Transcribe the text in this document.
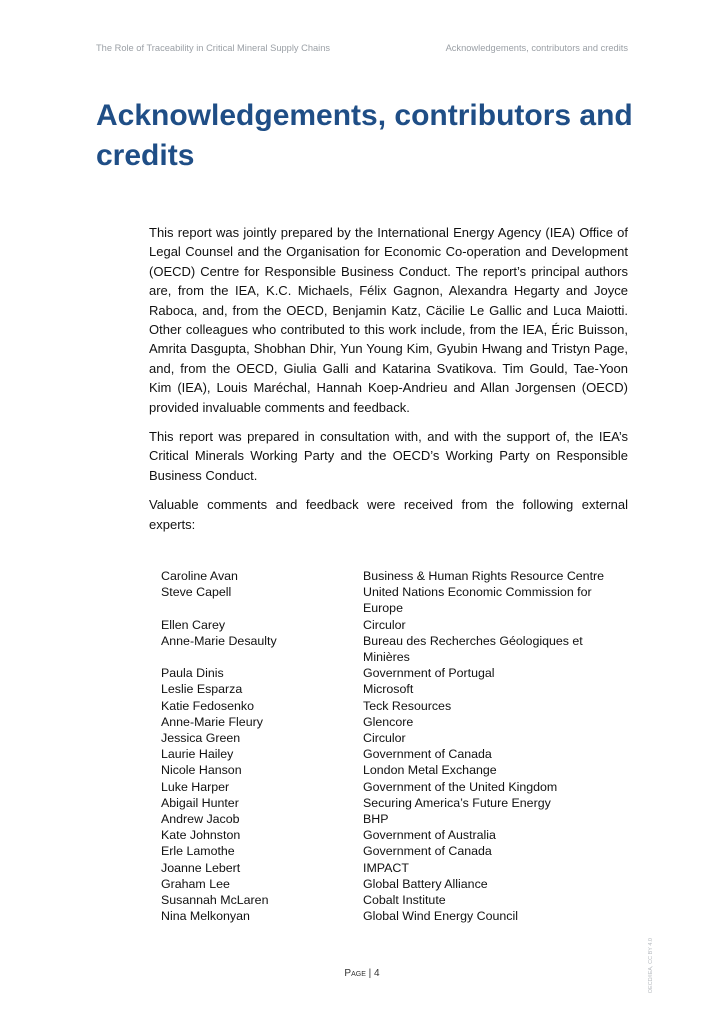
The Role of Traceability in Critical Mineral Supply Chains	Acknowledgements, contributors and credits
Acknowledgements, contributors and credits

This report was jointly prepared by the International Energy Agency (IEA) Office of Legal Counsel and the Organisation for Economic Co-operation and Development (OECD) Centre for Responsible Business Conduct. The report’s principal authors are, from the IEA, K.C. Michaels, Félix Gagnon, Alexandra Hegarty and Joyce Raboca, and, from the OECD, Benjamin Katz, Cäcilie Le Gallic and Luca Maiotti. Other colleagues who contributed to this work include, from the IEA, Éric Buisson, Amrita Dasgupta, Shobhan Dhir, Yun Young Kim, Gyubin Hwang and Tristyn Page, and, from the OECD, Giulia Galli and Katarina Svatikova. Tim Gould, Tae-Yoon Kim (IEA), Louis Maréchal, Hannah Koep-Andrieu and Allan Jorgensen (OECD) provided invaluable comments and feedback.

This report was prepared in consultation with, and with the support of, the IEA’s Critical Minerals Working Party and the OECD’s Working Party on Responsible Business Conduct.

Valuable comments and feedback were received from the following external experts:

Caroline Avan	Business & Human Rights Resource Centre
Steve Capell	United Nations Economic Commission for Europe
Ellen Carey	Circulor
Anne-Marie Desaulty	Bureau des Recherches Géologiques et Minières
Paula Dinis	Government of Portugal
Leslie Esparza	Microsoft
Katie Fedosenko	Teck Resources
Anne-Marie Fleury	Glencore
Jessica Green	Circulor
Laurie Hailey	Government of Canada
Nicole Hanson	London Metal Exchange
Luke Harper	Government of the United Kingdom
Abigail Hunter	Securing America’s Future Energy
Andrew Jacob	BHP
Kate Johnston	Government of Australia
Erle Lamothe	Government of Canada
Joanne Lebert	IMPACT
Graham Lee	Global Battery Alliance
Susannah McLaren	Cobalt Institute
Nina Melkonyan	Global Wind Energy Council
Page | 4	OECD/IEA, CC BY 4.0
